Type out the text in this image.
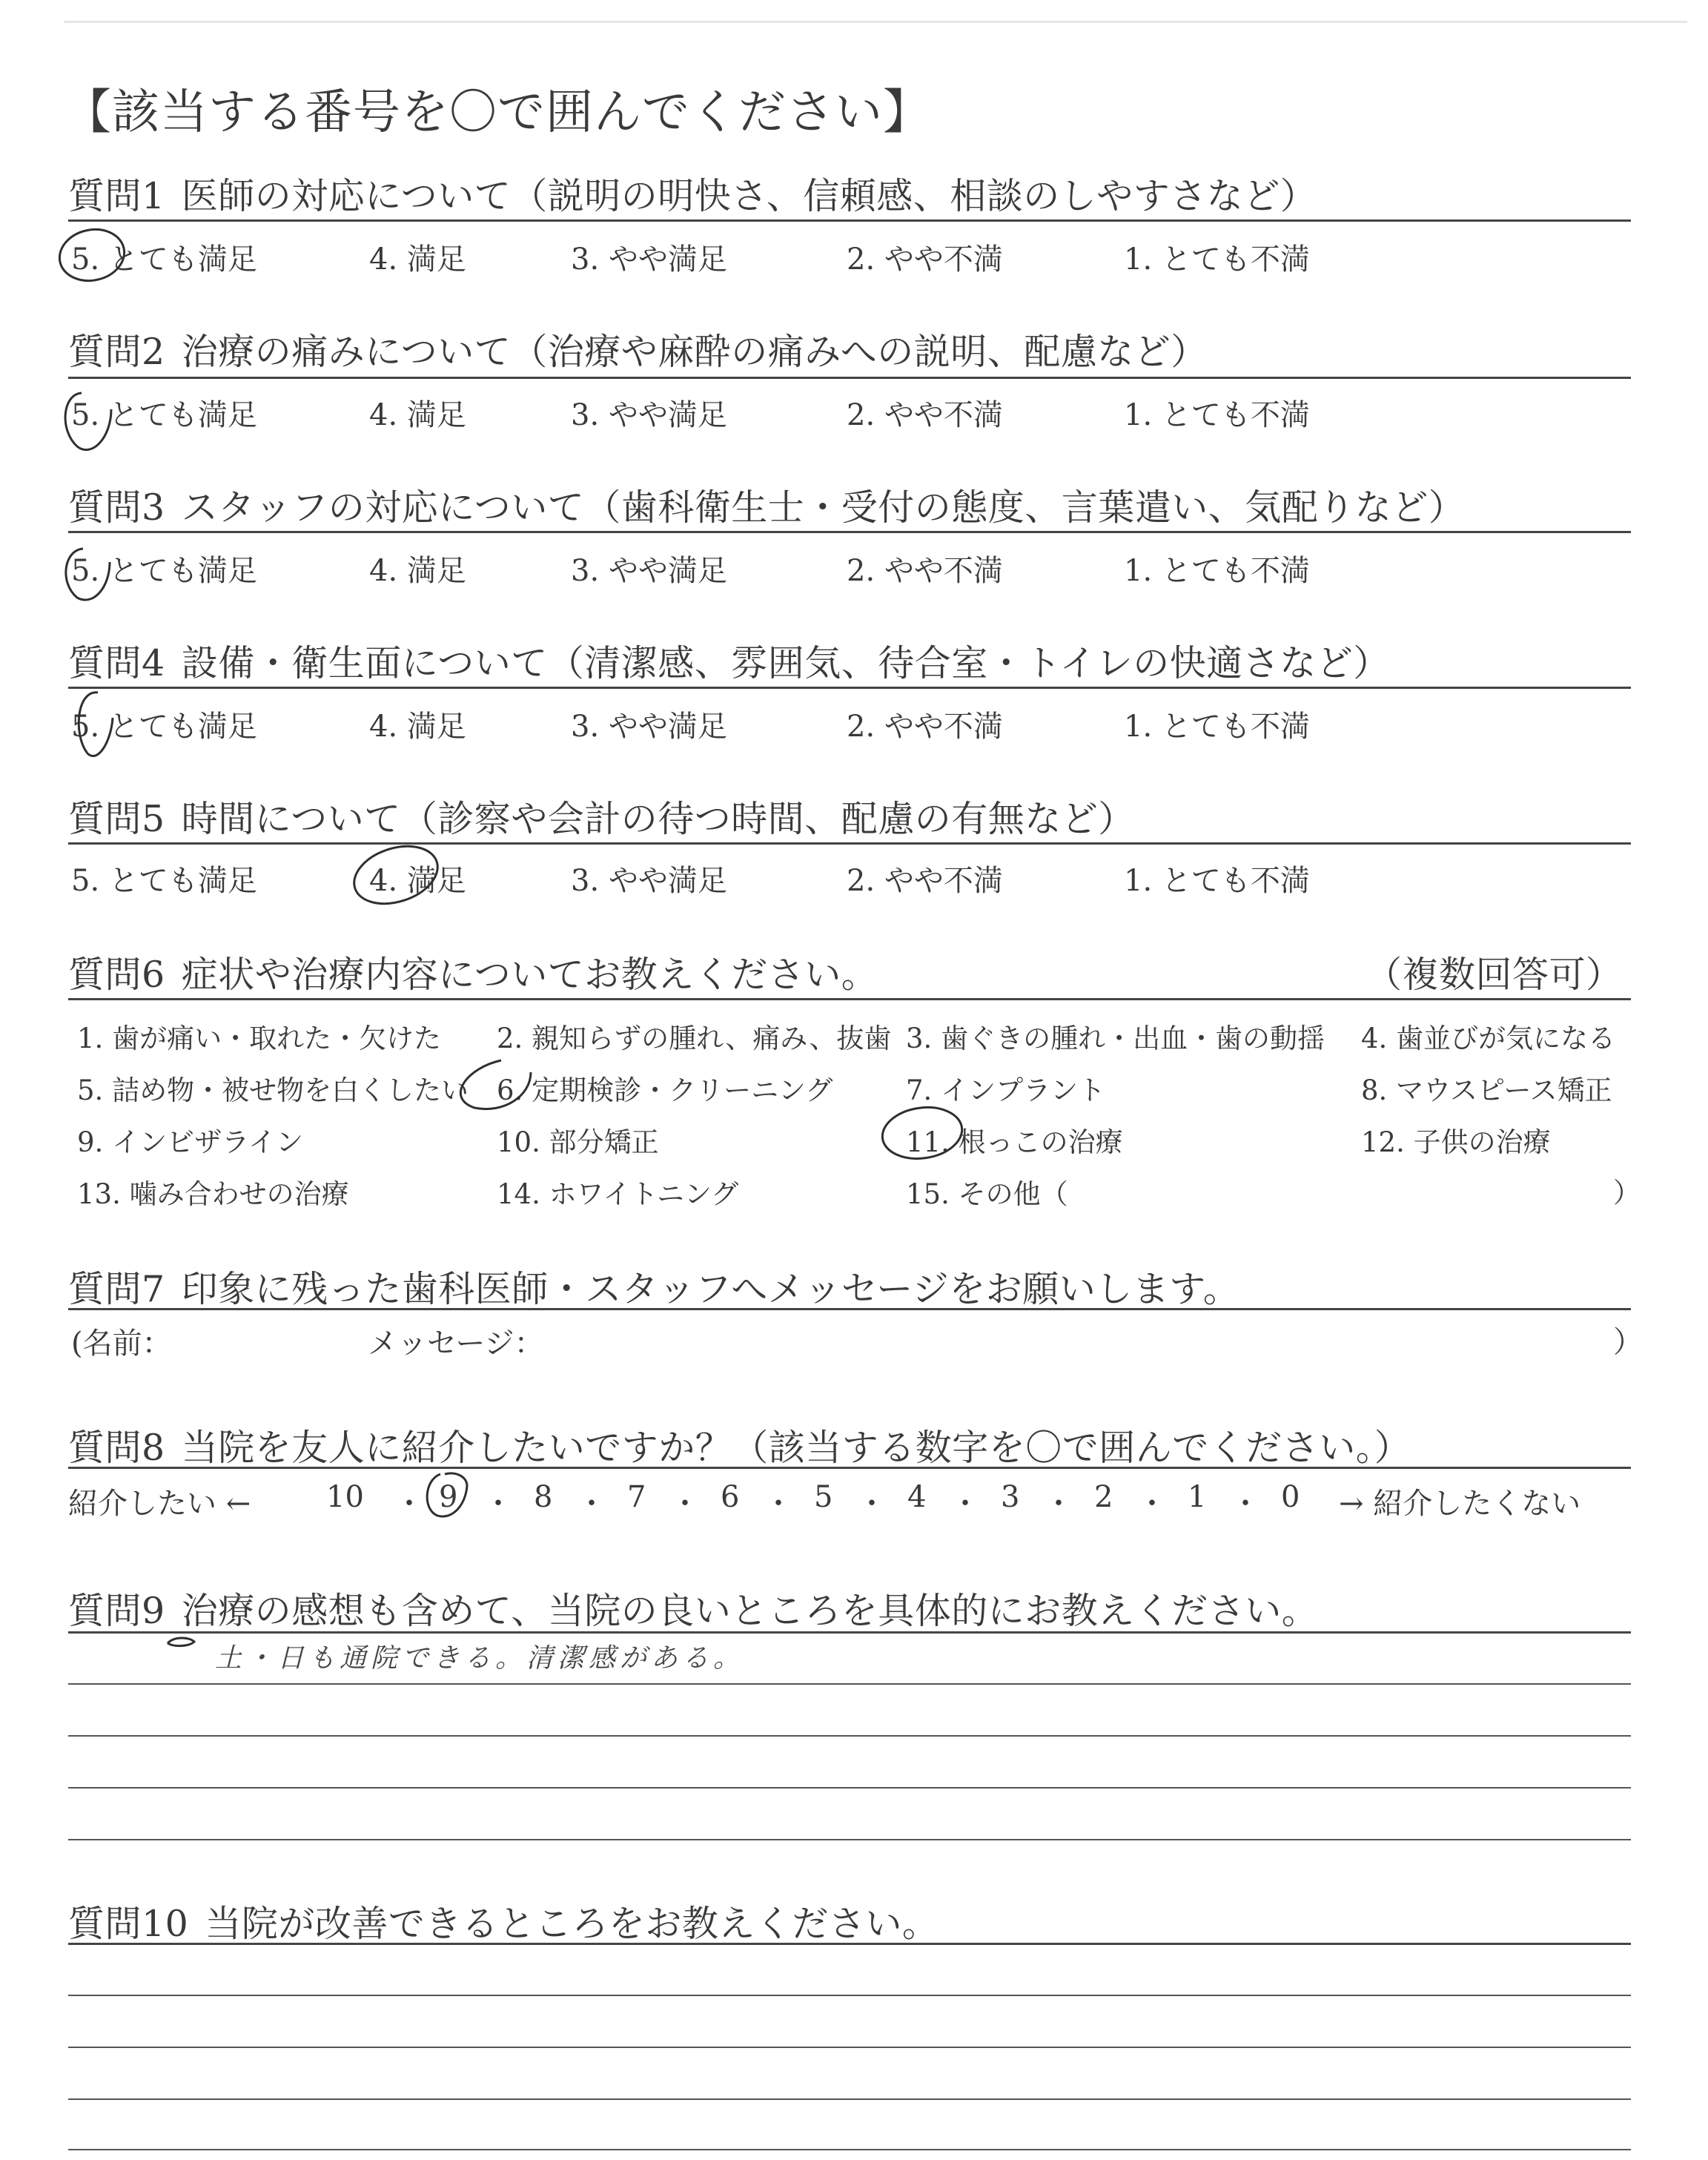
【該当する番号を〇で囲んでください】
質問1 医師の対応について（説明の明快さ、信頼感、相談のしやすさなど）
5. とても満足	4. 満足	3. やや満足	2. やや不満	1. とても不満
質問2 治療の痛みについて（治療や麻酔の痛みへの説明、配慮など）
5. とても満足	4. 満足	3. やや満足	2. やや不満	1. とても不満
質問3 スタッフの対応について（歯科衛生士・受付の態度、言葉遣い、気配りなど）
5. とても満足	4. 満足	3. やや満足	2. やや不満	1. とても不満
質問4 設備・衛生面について（清潔感、雰囲気、待合室・トイレの快適さなど）
5. とても満足	4. 満足	3. やや満足	2. やや不満	1. とても不満
質問5 時間について（診察や会計の待つ時間、配慮の有無など）
5. とても満足	4. 満足	3. やや満足	2. やや不満	1. とても不満
質問6 症状や治療内容についてお教えください。	（複数回答可）
1. 歯が痛い・取れた・欠けた 2. 親知らずの腫れ、痛み、抜歯 3. 歯ぐきの腫れ・出血・歯の動揺 4. 歯並びが気になる
5. 詰め物・被せ物を白くしたい 6. 定期検診・クリーニング	7. インプラント	8. マウスピース矯正
9. インビザライン	10. 部分矯正	11. 根っこの治療	12. 子供の治療
13. 噛み合わせの治療	14. ホワイトニング	15. その他（	）
質問7 印象に残った歯科医師・スタッフへメッセージをお願いします。
(名前：	メッセージ：	）
質問8 当院を友人に紹介したいですか？（該当する数字を〇で囲んでください。）
紹介したい ←	10 ・ 9 ・ 8 ・ 7 ・ 6 ・ 5 ・ 4 ・ 3 ・ 2 ・ 1 ・ 0 → 紹介したくない
質問9 治療の感想も含めて、当院の良いところを具体的にお教えください。
土・日も通院できる。清潔感がある。
質問10 当院が改善できるところをお教えください。
